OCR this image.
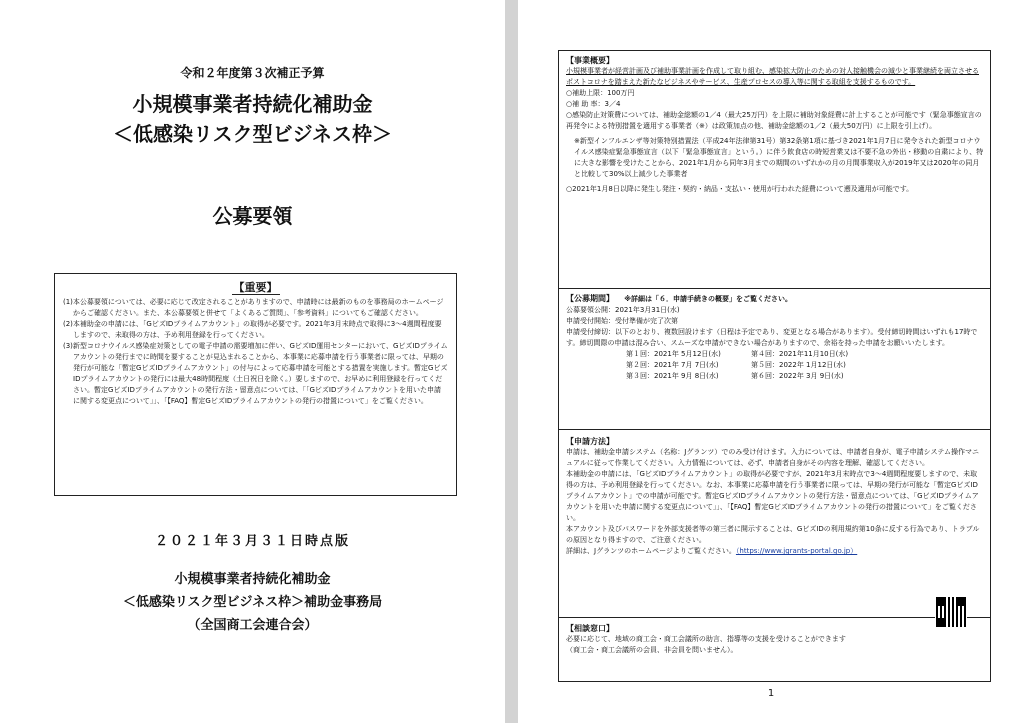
令和２年度第３次補正予算
小規模事業者持続化補助金
＜低感染リスク型ビジネス枠＞
公募要領
【重要】
(1)本公募要領については、必要に応じて改定されることがありますので、申請時には最新のものを事務局のホームページからご確認ください。また、本公募要領と併せて「よくあるご質問」、「参考資料」についてもご確認ください。
(2)本補助金の申請には、「GビズIDプライムアカウント」の取得が必要です。2021年3月末時点で取得に3～4週間程度要しますので、未取得の方は、予め利用登録を行ってください。
(3)新型コロナウイルス感染症対策としての電子申請の需要増加に伴い、GビズID運用センターにおいて、GビズIDプライムアカウントの発行までに時間を要することが見込まれることから、本事業に応募申請を行う事業者に限っては、早期の発行が可能な「暫定GビズIDプライムアカウント」の付与によって応募申請を可能とする措置を実施します。暫定GビズIDプライムアカウントの発行には最大48時間程度（土日祝日を除く。）要しますので、お早めに利用登録を行ってください。暫定GビズIDプライムアカウントの発行方法・留意点については、「「GビズIDプライムアカウントを用いた申請に関する変更点について」」、「【FAQ】暫定GビズIDプライムアカウントの発行の措置について」をご覧ください。
２０２１年３月３１日時点版
小規模事業者持続化補助金
＜低感染リスク型ビジネス枠＞補助金事務局
（全国商工会連合会）
【事業概要】
小規模事業者が経営計画及び補助事業計画を作成して取り組む、感染拡大防止のための対人接触機会の減少と事業継続を両立させるポストコロナを踏まえた新たなビジネスやサービス、生産プロセスの導入等に関する取組を支援するものです。
○補助上限：100万円
○補 助 率：3／4
○感染防止対策費については、補助金総額の1／4（最大25万円）を上限に補助対象経費に計上することが可能です（緊急事態宣言の再発令による特別措置を適用する事業者（※）は政策加点の他、補助金総額の1／2（最大50万円）に上限を引上げ）。
※新型インフルエンザ等対策特別措置法（平成24年法律第31号）第32条第1項に基づき2021年1月7日に発令された新型コロナウイルス感染症緊急事態宣言（以下「緊急事態宣言」という。）に伴う飲食店の時短営業又は不要不急の外出・移動の自粛により、特に大きな影響を受けたことから、2021年1月から同年3月までの期間のいずれかの月の月間事業収入が2019年又は2020年の同月と比較して30%以上減少した事業者
○2021年1月8日以降に発生し発注・契約・納品・支払い・使用が行われた経費について遡及適用が可能です。
【公募期間】 ※詳細は「６．申請手続きの概要」をご覧ください。
公募要領公開：2021年3月31日(水)
申請受付開始：受付準備が完了次第
申請受付締切：以下のとおり、複数回設けます（日程は予定であり、変更となる場合があります）。受付締切時間はいずれも17時です。締切間際の申請は混み合い、スムーズな申請ができない場合がありますので、余裕を持った申請をお願いいたします。
第１回：2021年 5月12日(水)	第４回：2021年11月10日(水)
第２回：2021年 7月 7日(水)	第５回：2022年 1月12日(水)
第３回：2021年 9月 8日(水)	第６回：2022年 3月 9日(水)
【申請方法】
申請は、補助金申請システム（名称：Jグランツ）でのみ受け付けます。入力については、申請者自身が、電子申請システム操作マニュアルに従って作業してください。入力情報については、必ず、申請者自身がその内容を理解、確認してください。
本補助金の申請には、「GビズIDプライムアカウント」の取得が必要ですが、2021年3月末時点で3～4週間程度要しますので、未取得の方は、予め利用登録を行ってください。なお、本事業に応募申請を行う事業者に限っては、早期の発行が可能な「暫定GビズIDプライムアカウント」での申請が可能です。暫定GビズIDプライムアカウントの発行方法・留意点については、「GビズIDプライムアカウントを用いた申請に関する変更点について」」、「【FAQ】暫定GビズIDプライムアカウントの発行の措置について」をご覧ください。
本アカウント及びパスワードを外部支援者等の第三者に開示することは、GビズIDの利用規約第10条に反する行為であり、トラブルの原因となり得ますので、ご注意ください。
詳細は、Jグランツのホームページよりご覧ください。（https://www.jgrants-portal.go.jp）
【相談窓口】
必要に応じて、地域の商工会・商工会議所の助言、指導等の支援を受けることができます
（商工会・商工会議所の会員、非会員を問いません）。
1
